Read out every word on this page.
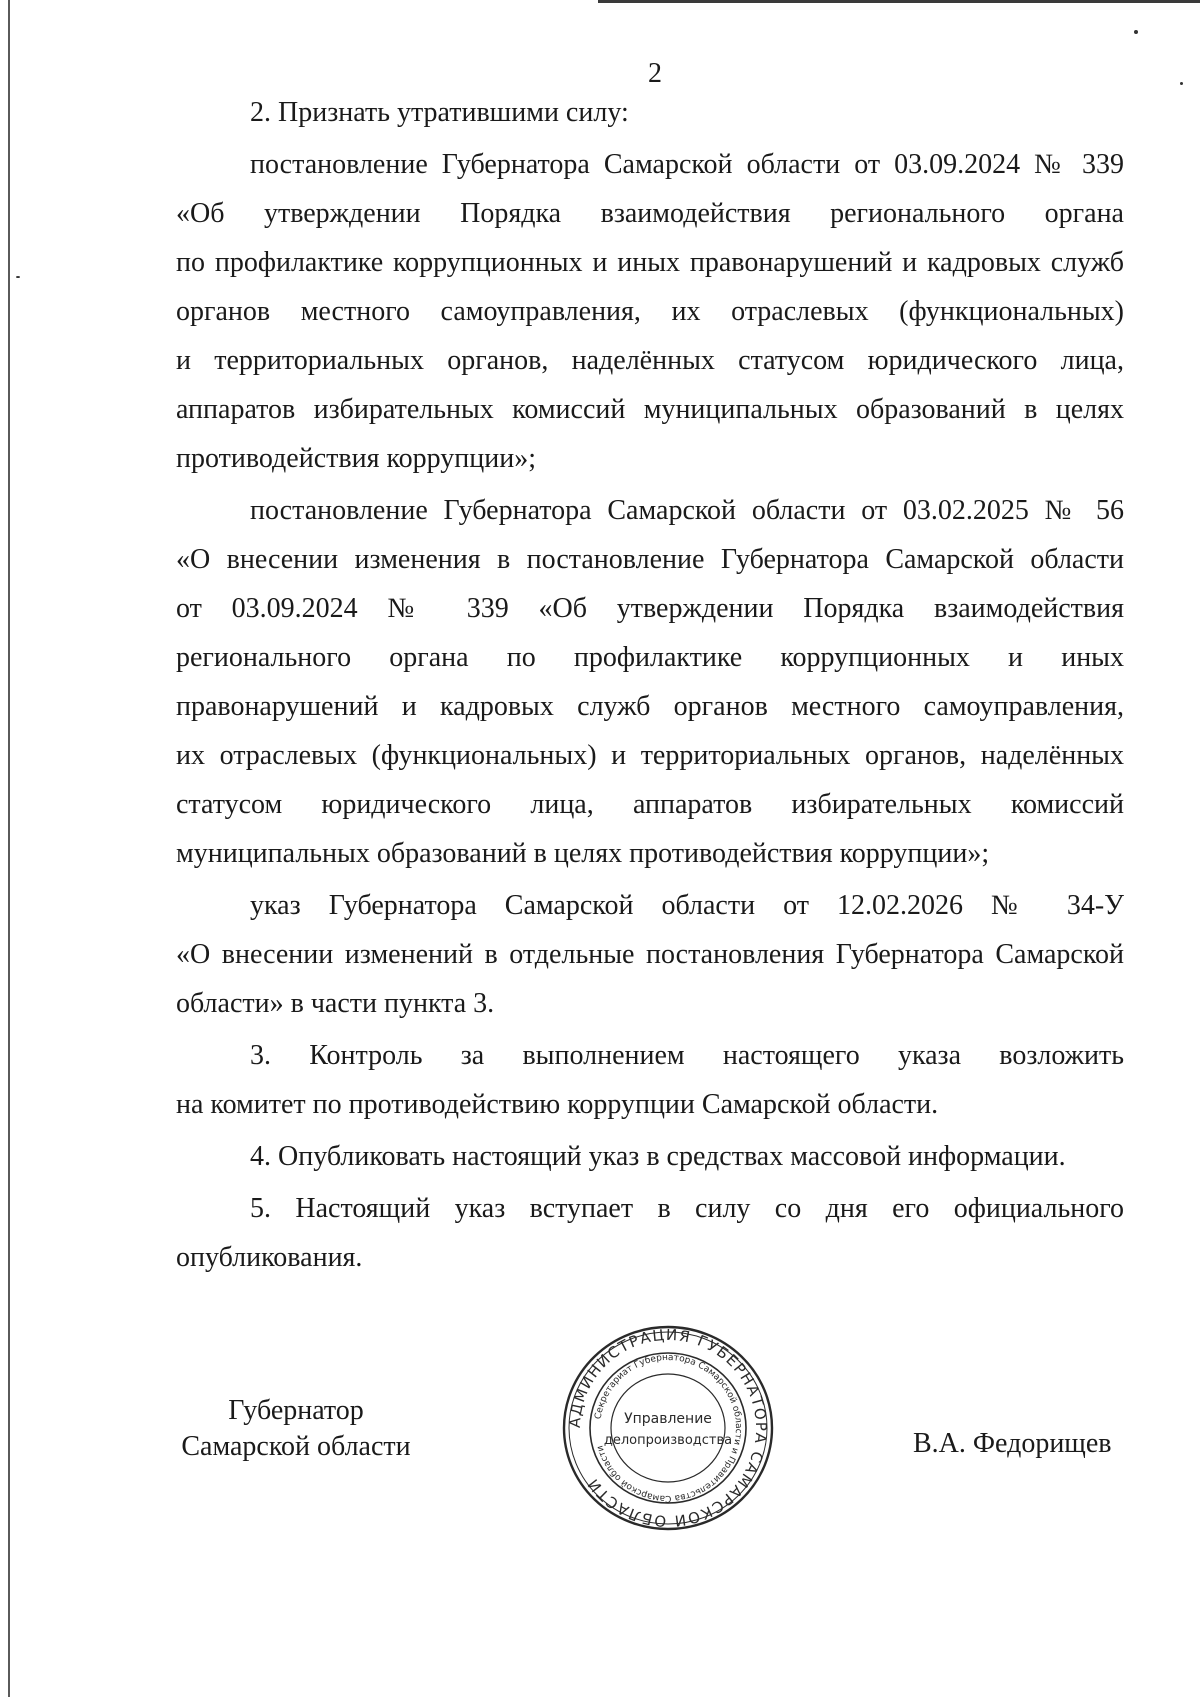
2
2. Признать утратившими силу:
постановление Губернатора Самарской области от 03.09.2024 № 339
«Об утверждении Порядка взаимодействия регионального органа
по профилактике коррупционных и иных правонарушений и кадровых служб
органов местного самоуправления, их отраслевых (функциональных)
и территориальных органов, наделённых статусом юридического лица,
аппаратов избирательных комиссий муниципальных образований в целях
противодействия коррупции»;
постановление Губернатора Самарской области от 03.02.2025 № 56
«О внесении изменения в постановление Губернатора Самарской области
от 03.09.2024 № 339 «Об утверждении Порядка взаимодействия
регионального органа по профилактике коррупционных и иных
правонарушений и кадровых служб органов местного самоуправления,
их отраслевых (функциональных) и территориальных органов, наделённых
статусом юридического лица, аппаратов избирательных комиссий
муниципальных образований в целях противодействия коррупции»;
указ Губернатора Самарской области от 12.02.2026 № 34-У
«О внесении изменений в отдельные постановления Губернатора Самарской
области» в части пункта 3.
3. Контроль за выполнением настоящего указа возложить
на комитет по противодействию коррупции Самарской области.
4. Опубликовать настоящий указ в средствах массовой информации.
5. Настоящий указ вступает в силу со дня его официального
опубликования.
Губернатор
Самарской области
АДМИНИСТРАЦИЯ ГУБЕРНАТОРА САМАРСКОЙ ОБЛАСТИ
Секретариат Губернатора Самарской области и Правительства Самарской области
Управление
делопроизводства	В.А. Федорищев
